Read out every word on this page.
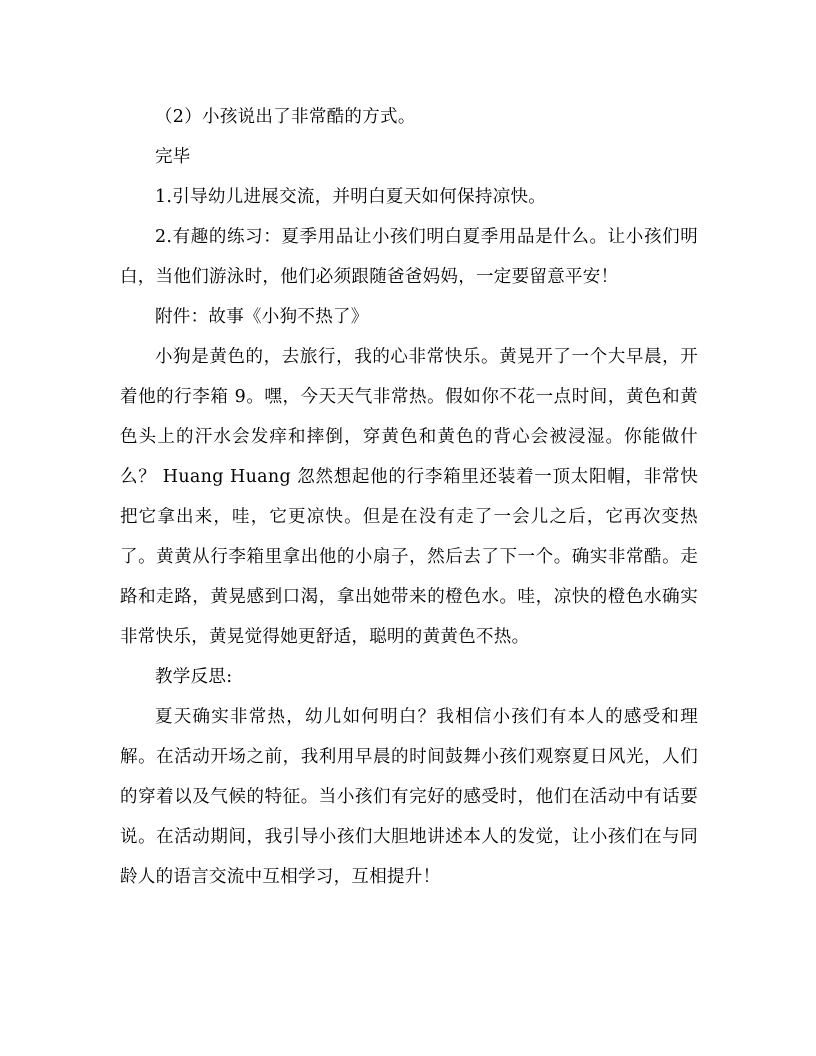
（2）小孩说出了非常酷的方式。

完毕

1.引导幼儿进展交流，并明白夏天如何保持凉快。

2.有趣的练习：夏季用品让小孩们明白夏季用品是什么。让小孩们明白，当他们游泳时，他们必须跟随爸爸妈妈，一定要留意平安！

附件：故事《小狗不热了》

小狗是黄色的，去旅行，我的心非常快乐。黄晃开了一个大早晨，开着他的行李箱 9。嘿，今天天气非常热。假如你不花一点时间，黄色和黄色头上的汗水会发痒和摔倒，穿黄色和黄色的背心会被浸湿。你能做什么？ Huang Huang 忽然想起他的行李箱里还装着一顶太阳帽，非常快把它拿出来，哇，它更凉快。但是在没有走了一会儿之后，它再次变热了。黄黄从行李箱里拿出他的小扇子，然后去了下一个。确实非常酷。走路和走路，黄晃感到口渴，拿出她带来的橙色水。哇，凉快的橙色水确实非常快乐，黄晃觉得她更舒适，聪明的黄黄色不热。

教学反思:

夏天确实非常热，幼儿如何明白？我相信小孩们有本人的感受和理解。在活动开场之前，我利用早晨的时间鼓舞小孩们观察夏日风光，人们的穿着以及气候的特征。当小孩们有完好的感受时，他们在活动中有话要说。在活动期间，我引导小孩们大胆地讲述本人的发觉，让小孩们在与同龄人的语言交流中互相学习，互相提升！
